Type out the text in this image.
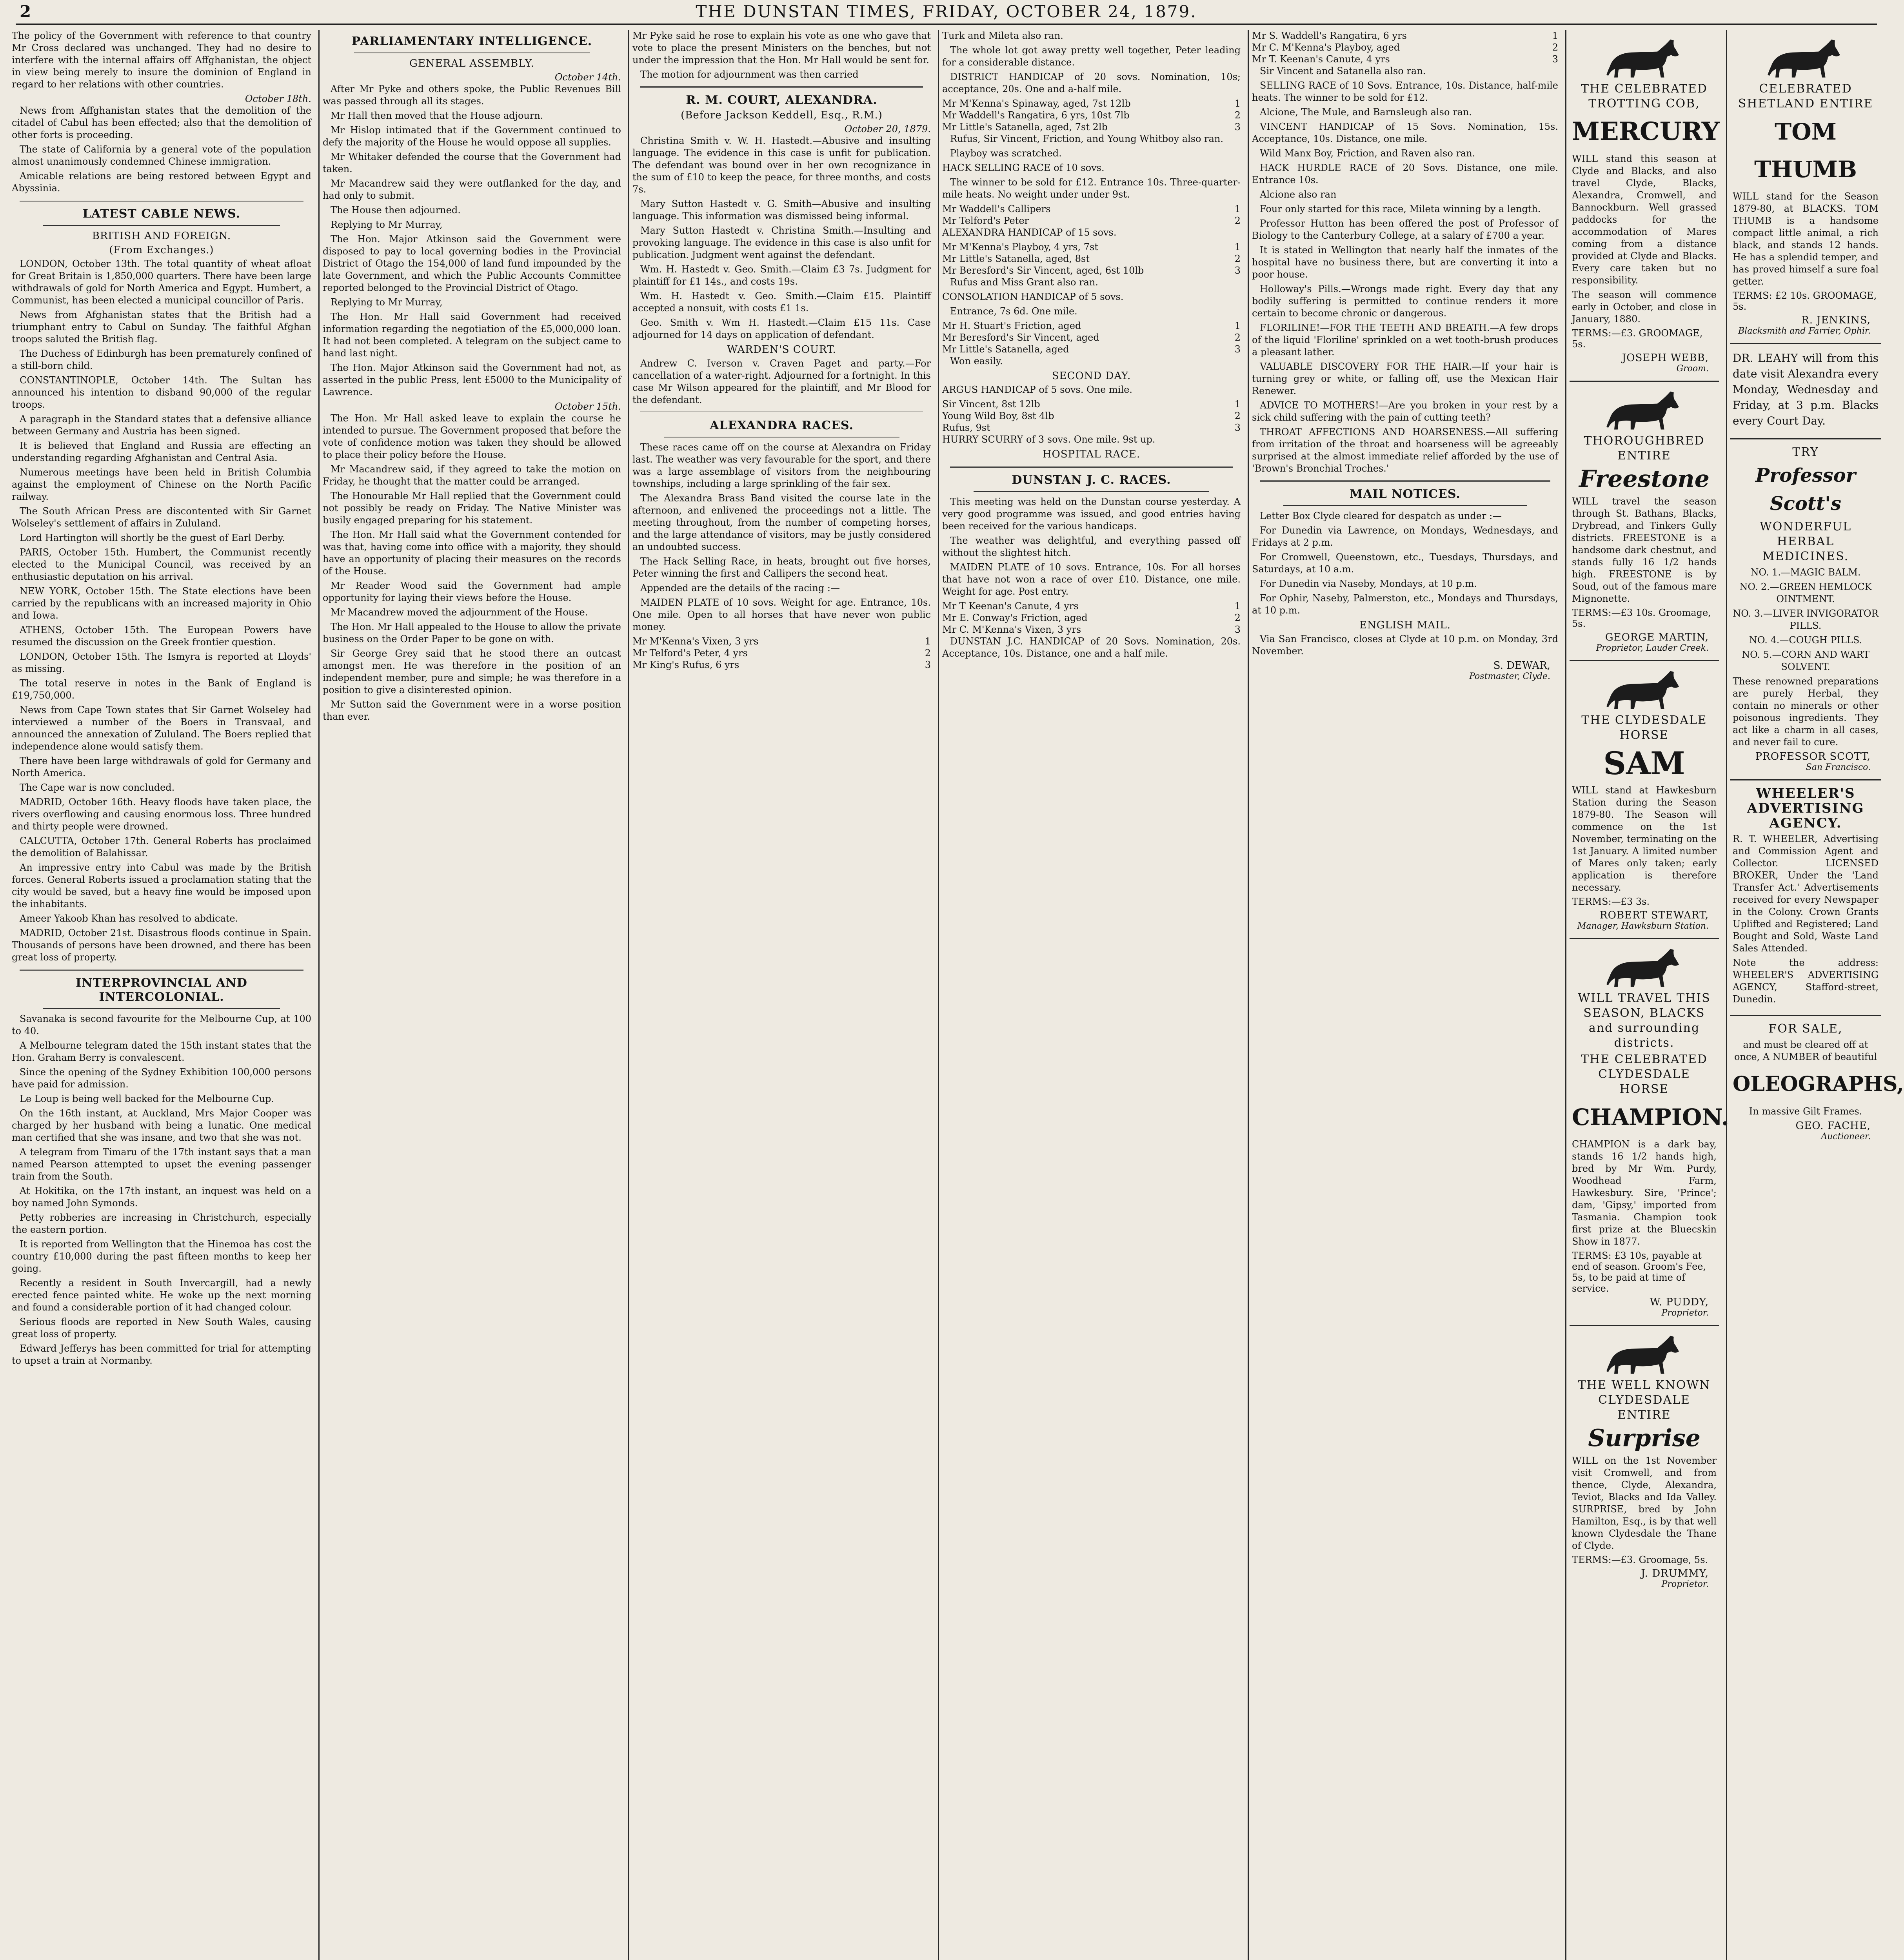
2	THE DUNSTAN TIMES, FRIDAY, OCTOBER 24, 1879.

The policy of the Government with reference to that country Mr Cross declared was unchanged. They had no desire to interfere with the internal affairs off Affghanistan, the object in view being merely to insure the dominion of England in regard to her relations with other countries.

October 18th.

News from Affghanistan states that the demolition of the citadel of Cabul has been effected; also that the demolition of other forts is proceeding.

The state of California by a general vote of the population almost unanimously condemned Chinese immigration.

Amicable relations are being restored between Egypt and Abyssinia.

LATEST CABLE NEWS.
BRITISH AND FOREIGN.
(From Exchanges.)

LONDON, October 13th. The total quantity of wheat afloat for Great Britain is 1,850,000 quarters. There have been large withdrawals of gold for North America and Egypt. Humbert, a Communist, has been elected a municipal councillor of Paris.

News from Afghanistan states that the British had a triumphant entry to Cabul on Sunday. The faithful Afghan troops saluted the British flag.

The Duchess of Edinburgh has been prematurely confined of a still-born child.

CONSTANTINOPLE, October 14th. The Sultan has announced his intention to disband 90,000 of the regular troops.

A paragraph in the Standard states that a defensive alliance between Germany and Austria has been signed.

It is believed that England and Russia are effecting an understanding regarding Afghanistan and Central Asia.

Numerous meetings have been held in British Columbia against the employment of Chinese on the North Pacific railway.

The South African Press are discontented with Sir Garnet Wolseley's settlement of affairs in Zululand.

Lord Hartington will shortly be the guest of Earl Derby.

PARIS, October 15th. Humbert, the Communist recently elected to the Municipal Council, was received by an enthusiastic deputation on his arrival.

NEW YORK, October 15th. The State elections have been carried by the republicans with an increased majority in Ohio and Iowa.

ATHENS, October 15th. The European Powers have resumed the discussion on the Greek frontier question.

LONDON, October 15th. The Ismyra is reported at Lloyds' as missing.

The total reserve in notes in the Bank of England is £19,750,000.

News from Cape Town states that Sir Garnet Wolseley had interviewed a number of the Boers in Transvaal, and announced the annexation of Zululand. The Boers replied that independence alone would satisfy them.

There have been large withdrawals of gold for Germany and North America.

The Cape war is now concluded.

MADRID, October 16th. Heavy floods have taken place, the rivers overflowing and causing enormous loss. Three hundred and thirty people were drowned.

CALCUTTA, October 17th. General Roberts has proclaimed the demolition of Balahissar.

An impressive entry into Cabul was made by the British forces. General Roberts issued a proclamation stating that the city would be saved, but a heavy fine would be imposed upon the inhabitants.

Ameer Yakoob Khan has resolved to abdicate.

MADRID, October 21st. Disastrous floods continue in Spain. Thousands of persons have been drowned, and there has been great loss of property.

INTERPROVINCIAL AND INTERCOLONIAL.

Savanaka is second favourite for the Melbourne Cup, at 100 to 40.

A Melbourne telegram dated the 15th instant states that the Hon. Graham Berry is convalescent.

Since the opening of the Sydney Exhibition 100,000 persons have paid for admission.

Le Loup is being well backed for the Melbourne Cup.

On the 16th instant, at Auckland, Mrs Major Cooper was charged by her husband with being a lunatic. One medical man certified that she was insane, and two that she was not.

A telegram from Timaru of the 17th instant says that a man named Pearson attempted to upset the evening passenger train from the South.

At Hokitika, on the 17th instant, an inquest was held on a boy named John Symonds.

Petty robberies are increasing in Christchurch, especially the eastern portion.

It is reported from Wellington that the Hinemoa has cost the country £10,000 during the past fifteen months to keep her going.

Recently a resident in South Invercargill, had a newly erected fence painted white. He woke up the next morning and found a considerable portion of it had changed colour.

Serious floods are reported in New South Wales, causing great loss of property.

Edward Jefferys has been committed for trial for attempting to upset a train at Normanby.

PARLIAMENTARY INTELLIGENCE.
GENERAL ASSEMBLY.

October 14th.

After Mr Pyke and others spoke, the Public Revenues Bill was passed through all its stages.

Mr Hall then moved that the House adjourn.

Mr Hislop intimated that if the Government continued to defy the majority of the House he would oppose all supplies.

Mr Whitaker defended the course that the Government had taken.

Mr Macandrew said they were outflanked for the day, and had only to submit.

The House then adjourned.

Replying to Mr Murray,

The Hon. Major Atkinson said the Government were disposed to pay to local governing bodies in the Provincial District of Otago the 154,000 of land fund impounded by the late Government, and which the Public Accounts Committee reported belonged to the Provincial District of Otago.

Replying to Mr Murray,

The Hon. Mr Hall said Government had received information regarding the negotiation of the £5,000,000 loan. It had not been completed. A telegram on the subject came to hand last night.

The Hon. Major Atkinson said the Government had not, as asserted in the public Press, lent £5000 to the Municipality of Lawrence.

October 15th.

The Hon. Mr Hall asked leave to explain the course he intended to pursue. The Government proposed that before the vote of confidence motion was taken they should be allowed to place their policy before the House.

Mr Macandrew said, if they agreed to take the motion on Friday, he thought that the matter could be arranged.

The Honourable Mr Hall replied that the Government could not possibly be ready on Friday. The Native Minister was busily engaged preparing for his statement.

The Hon. Mr Hall said what the Government contended for was that, having come into office with a majority, they should have an opportunity of placing their measures on the records of the House.

Mr Reader Wood said the Government had ample opportunity for laying their views before the House.

Mr Macandrew moved the adjournment of the House.

The Hon. Mr Hall appealed to the House to allow the private business on the Order Paper to be gone on with.

Sir George Grey said that he stood there an outcast amongst men. He was therefore in the position of an independent member, pure and simple; he was therefore in a position to give a disinterested opinion.

Mr Sutton said the Government were in a worse position than ever.

Mr Pyke said he rose to explain his vote as one who gave that vote to place the present Ministers on the benches, but not under the impression that the Hon. Mr Hall would be sent for.

The motion for adjournment was then carried

R. M. COURT, ALEXANDRA.
(Before Jackson Keddell, Esq., R.M.)

October 20, 1879.

Christina Smith v. W. H. Hastedt.—Abusive and insulting language. The evidence in this case is unfit for publication. The defendant was bound over in her own recognizance in the sum of £10 to keep the peace, for three months, and costs 7s.

Mary Sutton Hastedt v. G. Smith—Abusive and insulting language. This information was dismissed being informal.

Mary Sutton Hastedt v. Christina Smith.—Insulting and provoking language. The evidence in this case is also unfit for publication. Judgment went against the defendant.

Wm. H. Hastedt v. Geo. Smith.—Claim £3 7s. Judgment for plaintiff for £1 14s., and costs 19s.

Wm. H. Hastedt v. Geo. Smith.—Claim £15. Plaintiff accepted a nonsuit, with costs £1 1s.

Geo. Smith v. Wm H. Hastedt.—Claim £15 11s. Case adjourned for 14 days on application of defendant.

WARDEN'S COURT.

Andrew C. Iverson v. Craven Paget and party.—For cancellation of a water-right. Adjourned for a fortnight. In this case Mr Wilson appeared for the plaintiff, and Mr Blood for the defendant.

ALEXANDRA RACES.

These races came off on the course at Alexandra on Friday last. The weather was very favourable for the sport, and there was a large assemblage of visitors from the neighbouring townships, including a large sprinkling of the fair sex.

The Alexandra Brass Band visited the course late in the afternoon, and enlivened the proceedings not a little. The meeting throughout, from the number of competing horses, and the large attendance of visitors, may be justly considered an undoubted success.

The Hack Selling Race, in heats, brought out five horses, Peter winning the first and Callipers the second heat.

Appended are the details of the racing :—

MAIDEN PLATE of 10 sovs. Weight for age. Entrance, 10s. One mile. Open to all horses that have never won public money.

Mr M'Kenna's Vixen, 3 yrs	1
Mr Telford's Peter, 4 yrs	2
Mr King's Rufus, 6 yrs	3

Turk and Mileta also ran.

The whole lot got away pretty well together, Peter leading for a considerable distance.

DISTRICT HANDICAP of 20 sovs. Nomination, 10s; acceptance, 20s. One and a-half mile.

Mr M'Kenna's Spinaway, aged, 7st 12lb	1
Mr Waddell's Rangatira, 6 yrs, 10st 7lb	2
Mr Little's Satanella, aged, 7st 2lb	3

Rufus, Sir Vincent, Friction, and Young Whitboy also ran.

Playboy was scratched.

HACK SELLING RACE of 10 sovs.

The winner to be sold for £12. Entrance 10s. Three-quarter-mile heats. No weight under under 9st.

Mr Waddell's Callipers	1
Mr Telford's Peter	2

ALEXANDRA HANDICAP of 15 sovs.

Mr M'Kenna's Playboy, 4 yrs, 7st	1
Mr Little's Satanella, aged, 8st	2
Mr Beresford's Sir Vincent, aged, 6st 10lb	3

Rufus and Miss Grant also ran.

CONSOLATION HANDICAP of 5 sovs.

Entrance, 7s 6d. One mile.

Mr H. Stuart's Friction, aged	1
Mr Beresford's Sir Vincent, aged	2
Mr Little's Satanella, aged	3

Won easily.

SECOND DAY.

ARGUS HANDICAP of 5 sovs. One mile.

Sir Vincent, 8st 12lb	1
Young Wild Boy, 8st 4lb	2
Rufus, 9st	3

HURRY SCURRY of 3 sovs. One mile. 9st up.

HOSPITAL RACE.
DUNSTAN J. C. RACES.

This meeting was held on the Dunstan course yesterday. A very good programme was issued, and good entries having been received for the various handicaps.

The weather was delightful, and everything passed off without the slightest hitch.

MAIDEN PLATE of 10 sovs. Entrance, 10s. For all horses that have not won a race of over £10. Distance, one mile. Weight for age. Post entry.

Mr T Keenan's Canute, 4 yrs	1
Mr E. Conway's Friction, aged	2
Mr C. M'Kenna's Vixen, 3 yrs	3

DUNSTAN J.C. HANDICAP of 20 Sovs. Nomination, 20s. Acceptance, 10s. Distance, one and a half mile.

Mr S. Waddell's Rangatira, 6 yrs	1
Mr C. M'Kenna's Playboy, aged	2
Mr T. Keenan's Canute, 4 yrs	3

Sir Vincent and Satanella also ran.

SELLING RACE of 10 Sovs. Entrance, 10s. Distance, half-mile heats. The winner to be sold for £12.

Alcione, The Mule, and Barnsleugh also ran.

VINCENT HANDICAP of 15 Sovs. Nomination, 15s. Acceptance, 10s. Distance, one mile.

Wild Manx Boy, Friction, and Raven also ran.

HACK HURDLE RACE of 20 Sovs. Distance, one mile. Entrance 10s.

Alcione also ran

Four only started for this race, Mileta winning by a length.

Professor Hutton has been offered the post of Professor of Biology to the Canterbury College, at a salary of £700 a year.

It is stated in Wellington that nearly half the inmates of the hospital have no business there, but are converting it into a poor house.

Holloway's Pills.—Wrongs made right. Every day that any bodily suffering is permitted to continue renders it more certain to become chronic or dangerous.

FLORILINE!—FOR THE TEETH AND BREATH.—A few drops of the liquid 'Floriline' sprinkled on a wet tooth-brush produces a pleasant lather.

VALUABLE DISCOVERY FOR THE HAIR.—If your hair is turning grey or white, or falling off, use the Mexican Hair Renewer.

ADVICE TO MOTHERS!—Are you broken in your rest by a sick child suffering with the pain of cutting teeth?

THROAT AFFECTIONS AND HOARSENESS.—All suffering from irritation of the throat and hoarseness will be agreeably surprised at the almost immediate relief afforded by the use of 'Brown's Bronchial Troches.'

MAIL NOTICES.

Letter Box Clyde cleared for despatch as under :—

For Dunedin via Lawrence, on Mondays, Wednesdays, and Fridays at 2 p.m.

For Cromwell, Queenstown, etc., Tuesdays, Thursdays, and Saturdays, at 10 a.m.

For Dunedin via Naseby, Mondays, at 10 p.m.

For Ophir, Naseby, Palmerston, etc., Mondays and Thursdays, at 10 p.m.

ENGLISH MAIL.

Via San Francisco, closes at Clyde at 10 p.m. on Monday, 3rd November.

S. DEWAR,

Postmaster, Clyde.

THE CELEBRATED TROTTING COB,
MERCURY

WILL stand this season at Clyde and Blacks, and also travel Clyde, Blacks, Alexandra, Cromwell, and Bannockburn. Well grassed paddocks for the accommodation of Mares coming from a distance provided at Clyde and Blacks. Every care taken but no responsibility.

The season will commence early in October, and close in January, 1880.

TERMS:—£3. GROOMAGE, 5s.

JOSEPH WEBB,

Groom.

THOROUGHBRED ENTIRE
Freestone

WILL travel the season through St. Bathans, Blacks, Drybread, and Tinkers Gully districts. FREESTONE is a handsome dark chestnut, and stands fully 16 1/2 hands high. FREESTONE is by Soud, out of the famous mare Mignonette.

TERMS:—£3 10s. Groomage, 5s.

GEORGE MARTIN,

Proprietor, Lauder Creek.

THE CLYDESDALE HORSE
SAM

WILL stand at Hawkesburn Station during the Season 1879-80. The Season will commence on the 1st November, terminating on the 1st January. A limited number of Mares only taken; early application is therefore necessary.

TERMS:—£3 3s.

ROBERT STEWART,

Manager, Hawksburn Station.

WILL TRAVEL THIS SEASON, BLACKS and surrounding districts.
THE CELEBRATED CLYDESDALE HORSE
CHAMPION.

CHAMPION is a dark bay, stands 16 1/2 hands high, bred by Mr Wm. Purdy, Woodhead Farm, Hawkesbury. Sire, 'Prince'; dam, 'Gipsy,' imported from Tasmania. Champion took first prize at the Bluecskin Show in 1877.

TERMS: £3 10s, payable at end of season. Groom's Fee, 5s, to be paid at time of service.

W. PUDDY,

Proprietor.

THE WELL KNOWN CLYDESDALE ENTIRE
Surprise

WILL on the 1st November visit Cromwell, and from thence, Clyde, Alexandra, Teviot, Blacks and Ida Valley. SURPRISE, bred by John Hamilton, Esq., is by that well known Clydesdale the Thane of Clyde.

TERMS:—£3. Groomage, 5s.

J. DRUMMY,

Proprietor.

CELEBRATED SHETLAND ENTIRE
TOM THUMB

WILL stand for the Season 1879-80, at BLACKS. TOM THUMB is a handsome compact little animal, a rich black, and stands 12 hands. He has a splendid temper, and has proved himself a sure foal getter.

TERMS: £2 10s. GROOMAGE, 5s.

R. JENKINS,

Blacksmith and Farrier, Ophir.

DR. LEAHY will from this date visit Alexandra every Monday, Wednesday and Friday, at 3 p.m. Blacks every Court Day.

TRY
Professor Scott's
WONDERFUL HERBAL MEDICINES.

NO. 1.—MAGIC BALM.

NO. 2.—GREEN HEMLOCK OINTMENT.

NO. 3.—LIVER INVIGORATOR PILLS.

NO. 4.—COUGH PILLS.

NO. 5.—CORN AND WART SOLVENT.

These renowned preparations are purely Herbal, they contain no minerals or other poisonous ingredients. They act like a charm in all cases, and never fail to cure.

PROFESSOR SCOTT,

San Francisco.

WHEELER'S ADVERTISING AGENCY.

R. T. WHEELER, Advertising and Commission Agent and Collector. LICENSED BROKER, Under the 'Land Transfer Act.' Advertisements received for every Newspaper in the Colony. Crown Grants Uplifted and Registered; Land Bought and Sold, Waste Land Sales Attended.

Note the address: WHEELER'S ADVERTISING AGENCY, Stafford-street, Dunedin.

FOR SALE,

and must be cleared off at once, A NUMBER of beautiful

OLEOGRAPHS,

In massive Gilt Frames.

GEO. FACHE,

Auctioneer.
